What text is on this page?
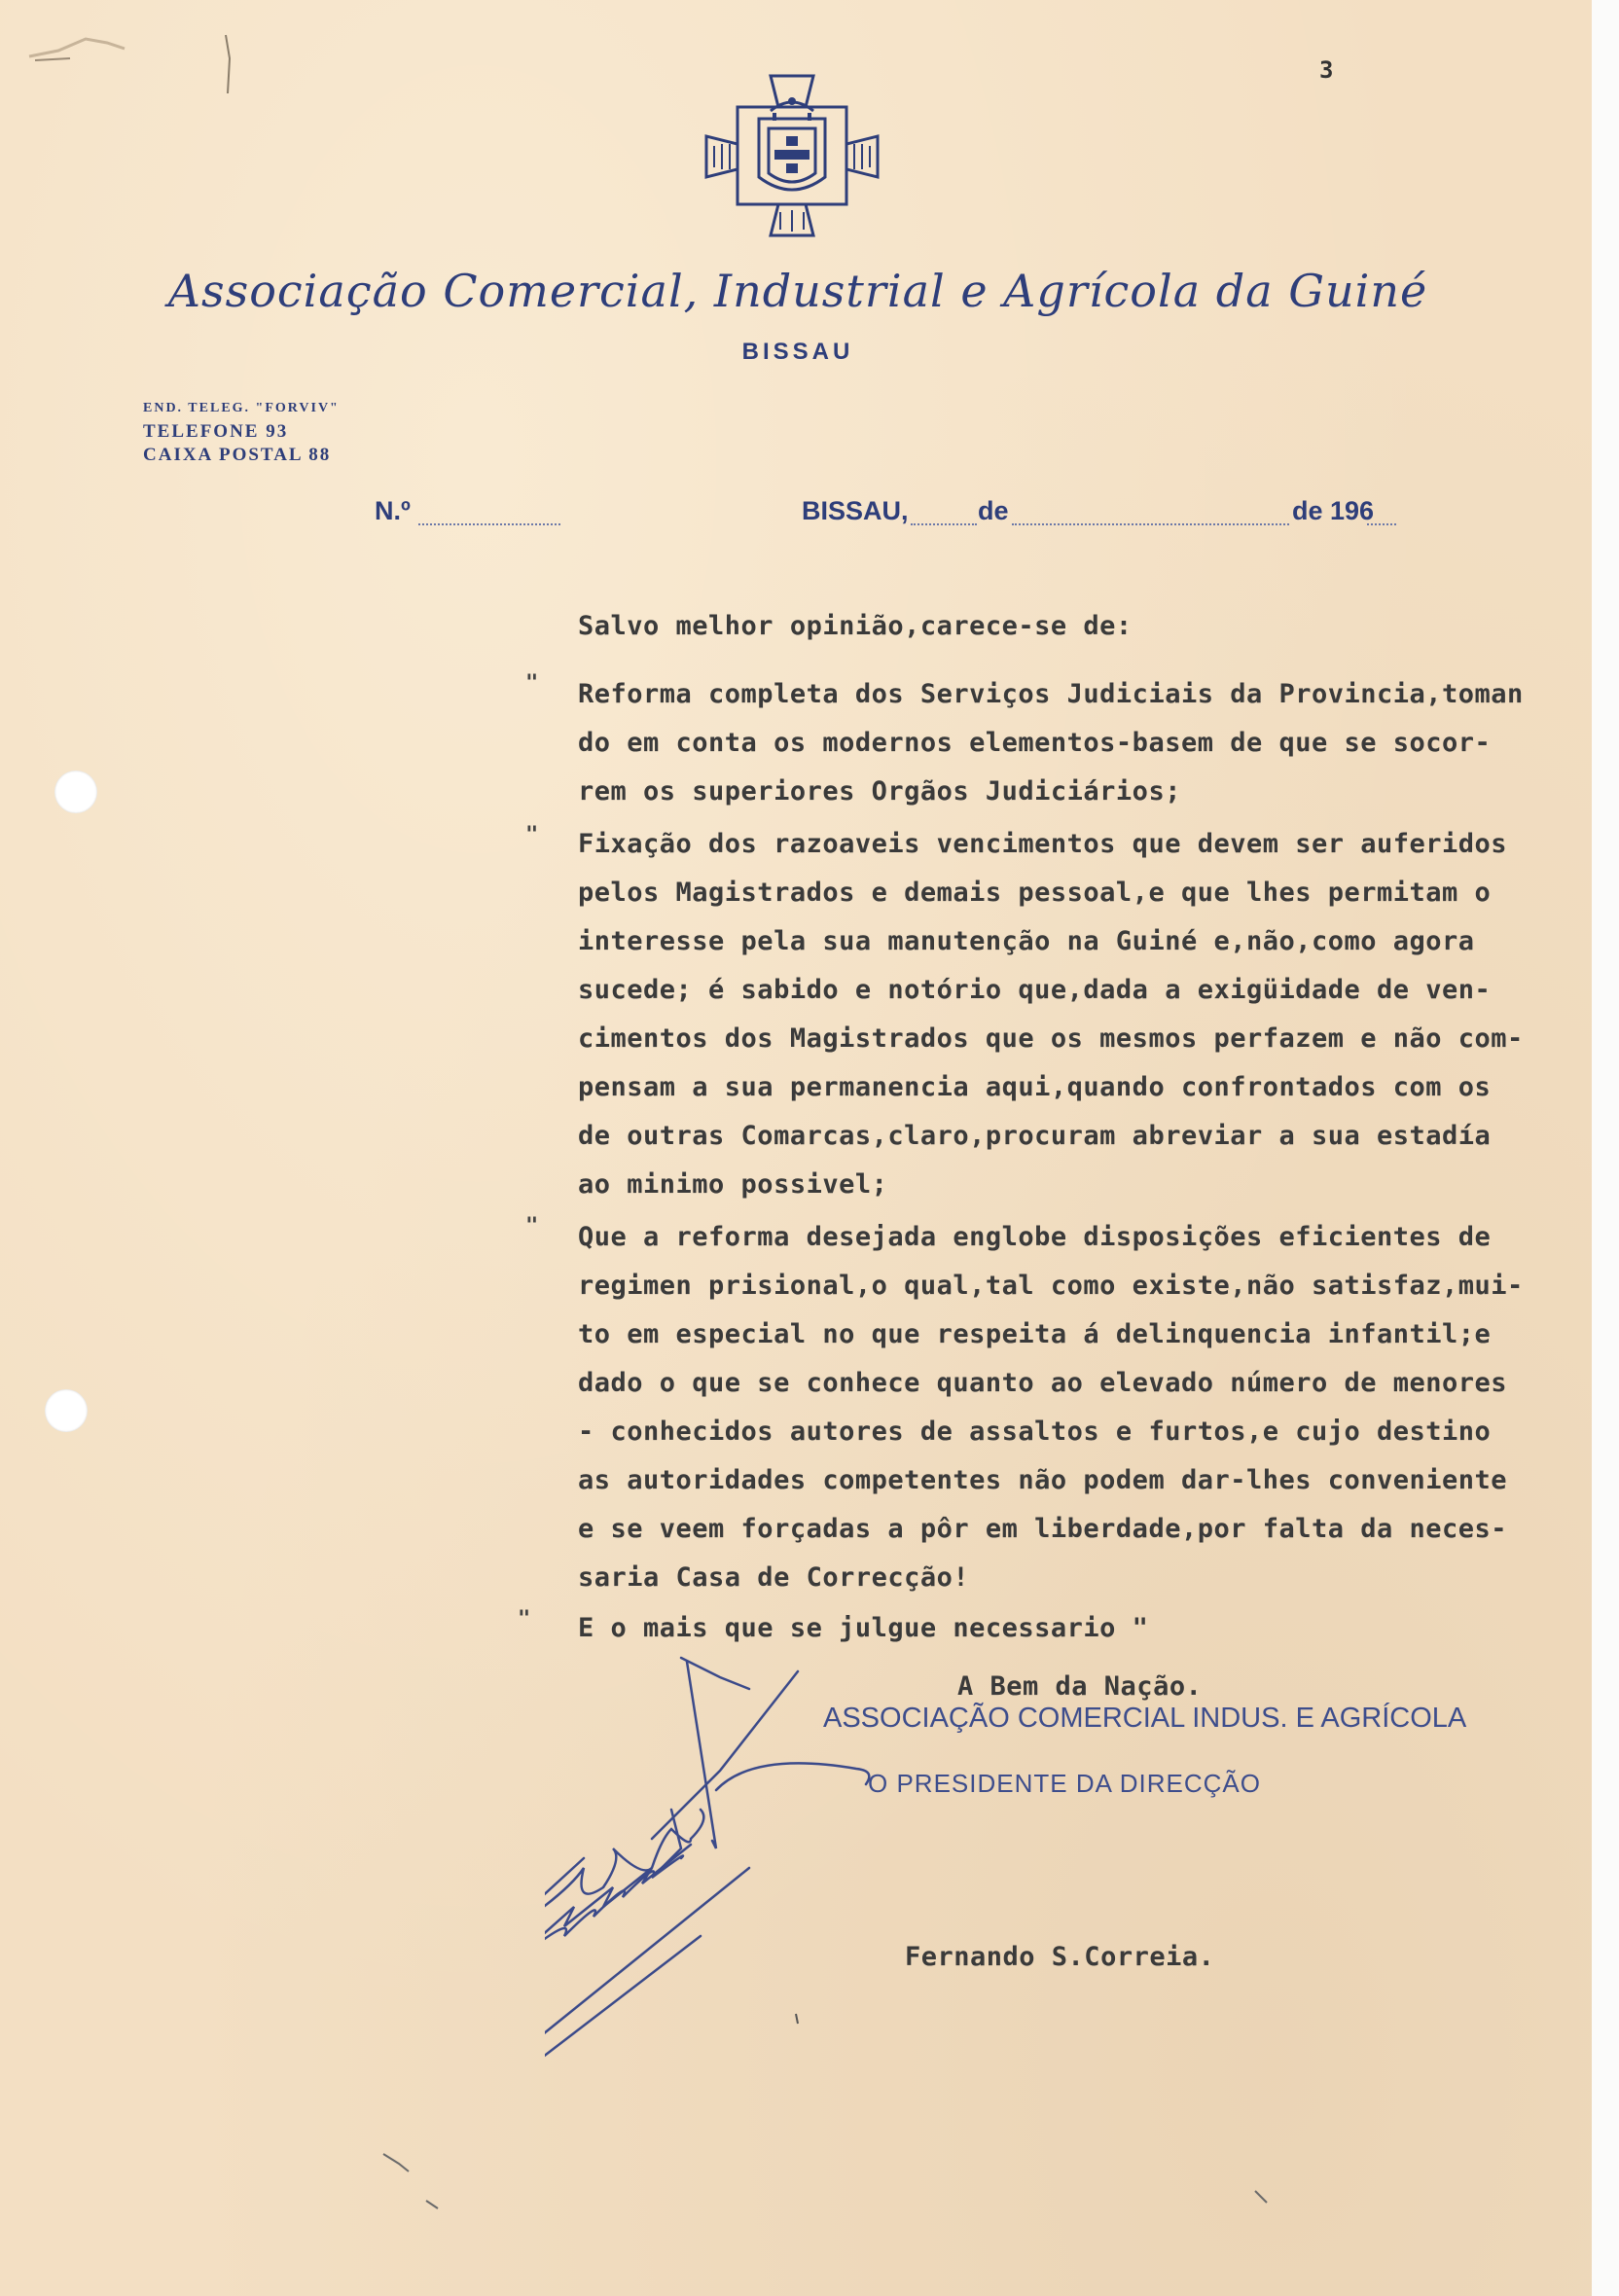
3
Associação Comercial, Industrial e Agrícola da Guiné
BISSAU
END. TELEG. "FORVIV"
TELEFONE 93
CAIXA POSTAL 88
N.º	BISSAU,	de	de 196
Salvo melhor opinião,carece-se de:
"
"
"
"
Reforma completa dos Serviços Judiciais da Provincia,toman
do em conta os modernos elementos-basem de que se socor-
rem os superiores Orgãos Judiciários;
Fixação dos razoaveis vencimentos que devem ser auferidos
pelos Magistrados e demais pessoal,e que lhes permitam o
interesse pela sua manutenção na Guiné e,não,como agora
sucede; é sabido e notório que,dada a exigüidade de ven-
cimentos dos Magistrados que os mesmos perfazem e não com-
pensam a sua permanencia aqui,quando confrontados com os
de outras Comarcas,claro,procuram abreviar a sua estadía
ao minimo possivel;
Que a reforma desejada englobe disposições eficientes de
regimen prisional,o qual,tal como existe,não satisfaz,mui-
to em especial no que respeita á delinquencia infantil;e
dado o que se conhece quanto ao elevado número de menores
- conhecidos autores de assaltos e furtos,e cujo destino
as autoridades competentes não podem dar-lhes conveniente
e se veem forçadas a pôr em liberdade,por falta da neces-
saria Casa de Correcção!
E o mais que se julgue necessario "
A Bem da Nação.
ASSOCIAÇÃO COMERCIAL INDUS. E AGRÍCOLA
O PRESIDENTE DA DIRECÇÃO
Fernando S.Correia.
